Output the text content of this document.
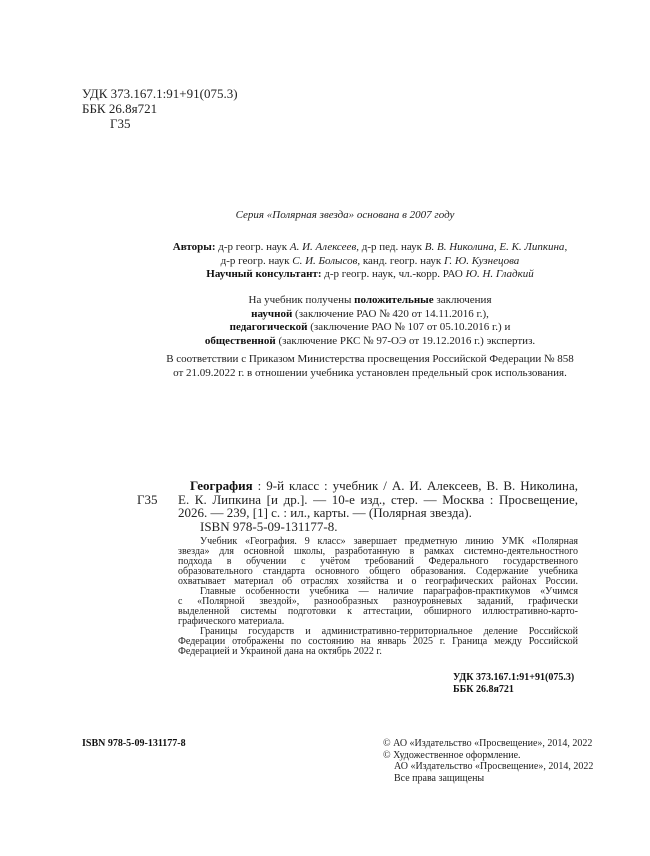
УДК 373.167.1:91+91(075.3)
ББК 26.8я721
Г35
Серия «Полярная звезда» основана в 2007 году
Авторы: д-р геогр. наук А. И. Алексеев, д-р пед. наук В. В. Николина, Е. К. Липкина,
д-р геогр. наук С. И. Болысов, канд. геогр. наук Г. Ю. Кузнецова
Научный консультант: д-р геогр. наук, чл.-корр. РАО Ю. Н. Гладкий
На учебник получены положительные заключения
научной (заключение РАО № 420 от 14.11.2016 г.),
педагогической (заключение РАО № 107 от 05.10.2016 г.) и
общественной (заключение РКС № 97-ОЭ от 19.12.2016 г.) экспертиз.
В соответствии с Приказом Министерства просвещения Российской Федерации № 858
от 21.09.2022 г. в отношении учебника установлен предельный срок использования.
Г35
География : 9-й класс : учебник / А. И. Алексеев, В. В. Николина,
Е. К. Липкина [и др.]. — 10-е изд., стер. — Москва : Просвещение,
2026. — 239, [1] с. : ил., карты. — (Полярная звезда).
ISBN 978-5-09-131177-8.
Учебник «География. 9 класс» завершает предметную линию УМК «Полярная
звезда» для основной школы, разработанную в рамках системно-деятельностного
подхода в обучении с учётом требований Федерального государственного
образовательного стандарта основного общего образования. Содержание учебника
охватывает материал об отраслях хозяйства и о географических районах России.
Главные особенности учебника — наличие параграфов-практикумов «Учимся
с «Полярной звездой», разнообразных разноуровневых заданий, графически
выделенной системы подготовки к аттестации, обширного иллюстративно-карто-
графического материала.
Границы государств и административно-территориальное деление Российской
Федерации отображены по состоянию на январь 2025 г. Граница между Российской
Федерацией и Украиной дана на октябрь 2022 г.
УДК 373.167.1:91+91(075.3)
ББК 26.8я721
ISBN 978-5-09-131177-8	© АО «Издательство «Просвещение», 2014, 2022
© Художественное оформление.
АО «Издательство «Просвещение», 2014, 2022
Все права защищены
